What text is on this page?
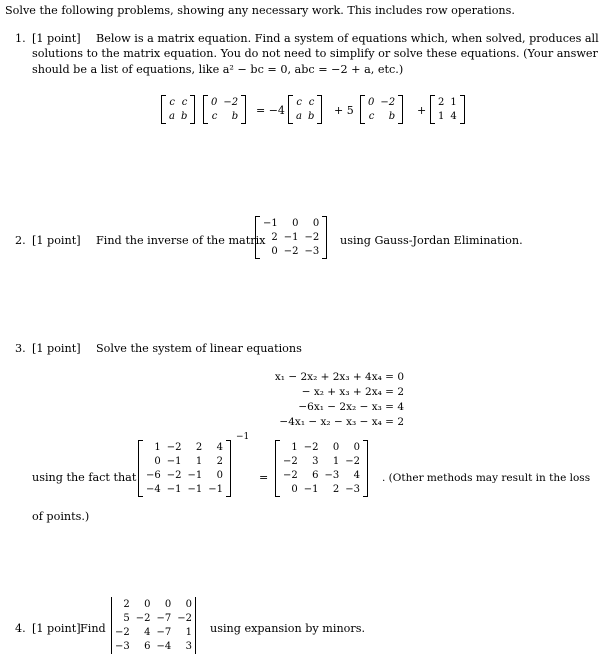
Solve the following problems, showing any necessary work. This includes row operations.
1. [1 point] Below is a matrix equation. Find a system of equations which, when solved, produces all
solutions to the matrix equation. You do not need to simplify or solve these equations. (Your answer
should be a list of equations, like a² − bc = 0, abc = −2 + a, etc.)
c c
a b
0 −2
c	b = −4
c c
a b + 5
0 −2
c	b +
2 1
1 4
2. [1 point] Find the inverse of the matrix
−1	0	0
2 −1 −2
0 −2 −3
using Gauss-Jordan Elimination.
3. [1 point] Solve the system of linear equations
x₁ − 2x₂ + 2x₃ + 4x₄ = 0
− x₂ + x₃ + 2x₄ = 2
−6x₁ − 2x₂ − x₃ = 4
−4x₁ − x₂ − x₃ − x₄ = 2
using the fact that
1 −2	2	4
0 −1	1	2
−6 −2 −1	0
−4 −1 −1 −1
−1
=
1 −2	0	0
−2	3	1 −2
−2	6 −3	4
0 −1	2 −3
. (Other methods may result in the loss
of points.)
4. [1 point] Find
2	0	0	0
5 −2 −7 −2
−2	4 −7	1
−3	6 −4	3
using expansion by minors.
